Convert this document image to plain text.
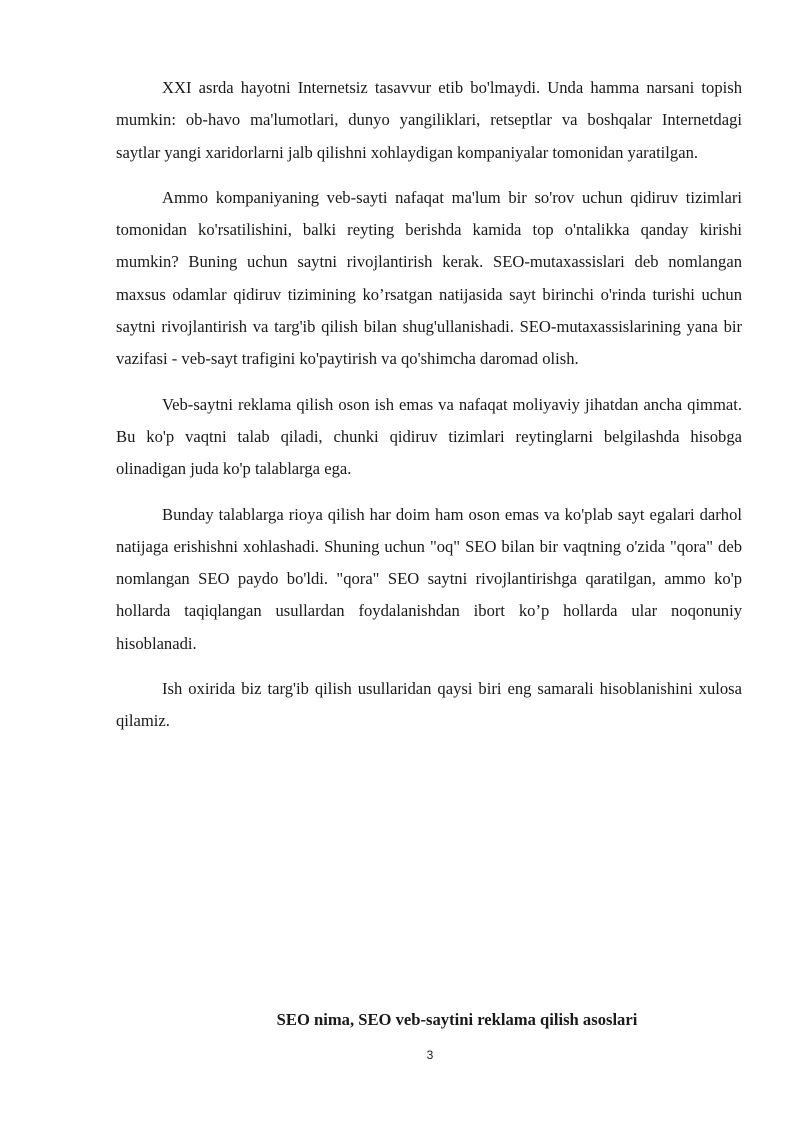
XXI asrda hayotni Internetsiz tasavvur etib bo'lmaydi. Unda hamma narsani topish mumkin: ob-havo ma'lumotlari, dunyo yangiliklari, retseptlar va boshqalar Internetdagi saytlar yangi xaridorlarni jalb qilishni xohlaydigan kompaniyalar tomonidan yaratilgan.

Ammo kompaniyaning veb-sayti nafaqat ma'lum bir so'rov uchun qidiruv tizimlari tomonidan ko'rsatilishini, balki reyting berishda kamida top o'ntalikka qanday kirishi mumkin? Buning uchun saytni rivojlantirish kerak. SEO-mutaxassislari deb nomlangan maxsus odamlar qidiruv tizimining ko’rsatgan natijasida sayt birinchi o'rinda turishi uchun saytni rivojlantirish va targ'ib qilish bilan shug'ullanishadi. SEO-mutaxassislarining yana bir vazifasi - veb-sayt trafigini ko'paytirish va qo'shimcha daromad olish.

Veb-saytni reklama qilish oson ish emas va nafaqat moliyaviy jihatdan ancha qimmat. Bu ko'p vaqtni talab qiladi, chunki qidiruv tizimlari reytinglarni belgilashda hisobga olinadigan juda ko'p talablarga ega.

Bunday talablarga rioya qilish har doim ham oson emas va ko'plab sayt egalari darhol natijaga erishishni xohlashadi. Shuning uchun "oq" SEO bilan bir vaqtning o'zida "qora" deb nomlangan SEO paydo bo'ldi. "qora" SEO saytni rivojlantirishga qaratilgan, ammo ko'p hollarda taqiqlangan usullardan foydalanishdan ibort ko’p hollarda ular noqonuniy hisoblanadi.

Ish oxirida biz targ'ib qilish usullaridan qaysi biri eng samarali hisoblanishini xulosa qilamiz.

SEO nima, SEO veb-saytini reklama qilish asoslari
3
